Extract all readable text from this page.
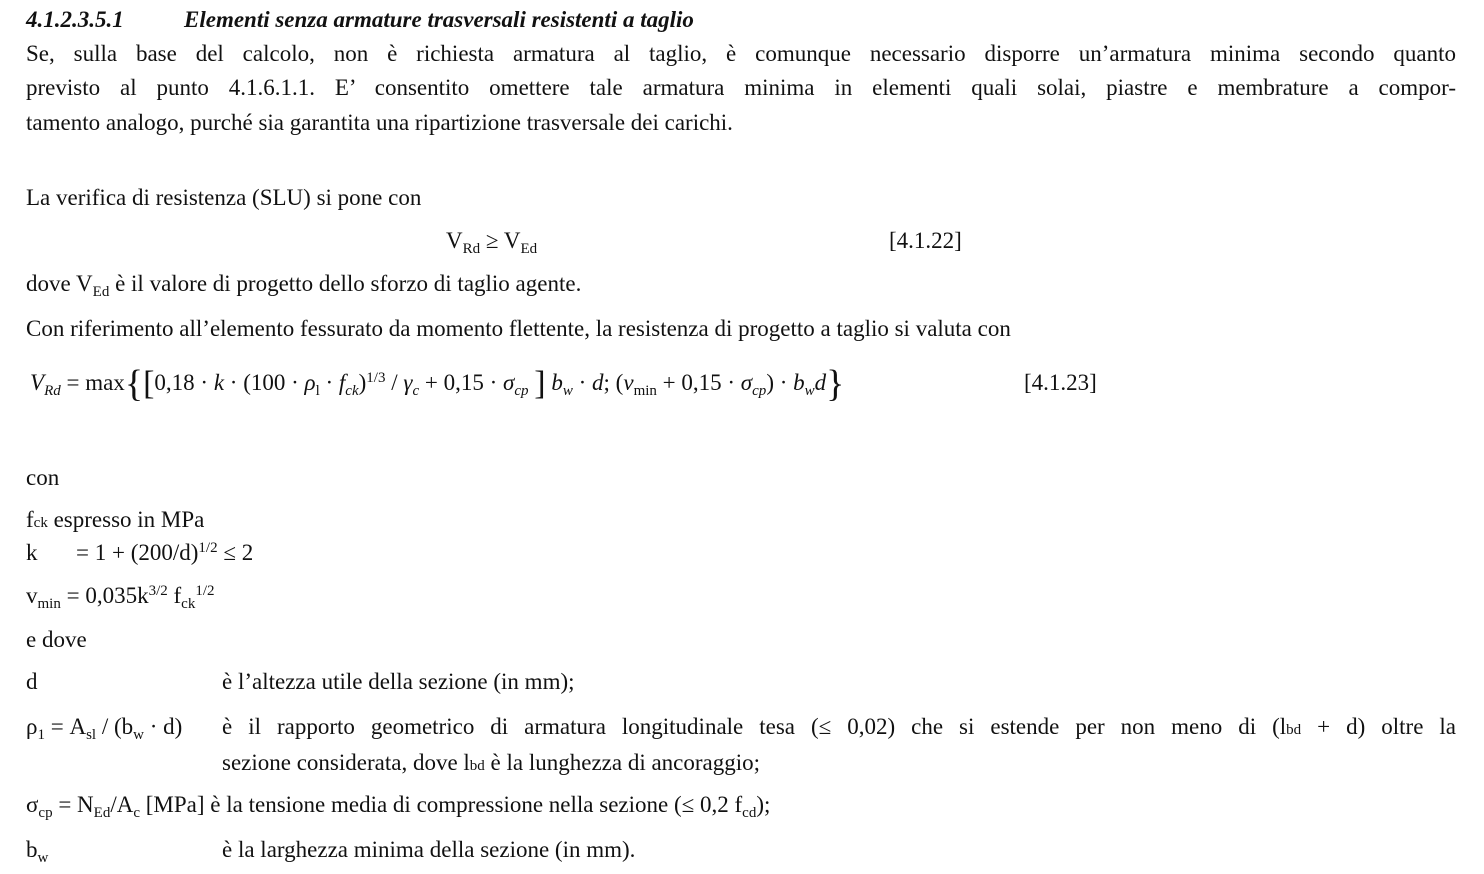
4.1.2.3.5.1	Elementi senza armature trasversali resistenti a taglio
Se, sulla base del calcolo, non è richiesta armatura al taglio, è comunque necessario disporre un’armatura minima secondo quanto
previsto al punto 4.1.6.1.1. E’ consentito omettere tale armatura minima in elementi quali solai, piastre e membrature a compor-
tamento analogo, purché sia garantita una ripartizione trasversale dei carichi.
La verifica di resistenza (SLU) si pone con
$V_{Rd} \ge V_{Ed}$	[4.1.22]
dove $V_{Ed}$ è il valore di progetto dello sforzo di taglio agente.
Con riferimento all’elemento fessurato da momento flettente, la resistenza di progetto a taglio si valuta con
$V_{Rd} = \max\{[0,18 \cdot k \cdot (100 \cdot \rho_l \cdot f_{ck})^{1/3} / \gamma_c + 0,15 \cdot \sigma_{cp}$ ] $b_w \cdot d$; $(v_{min} + 0,15 \cdot \sigma_{cp}) \cdot b_wd$}	[4.1.23]
con
fck espresso in MPa
$k = 1 + (200/d)^{1/2} \le 2$
$v_{min} = 0,035k^{3/2}$ $f_{ck}^{1/2}$
e dove
d	è l’altezza utile della sezione (in mm);
$\rho_1 = A_{sl} / (b_w \cdot d)$ è il rapporto geometrico di armatura longitudinale tesa (≤ 0,02) che si estende per non meno di (lbd + d) oltre la
sezione considerata, dove lbd è la lunghezza di ancoraggio;
$\sigma_{cp} = N_{Ed}/A_c$ [MPa] è la tensione media di compressione nella sezione (≤ 0,2 $f_{cd}$);
$b_w$	è la larghezza minima della sezione (in mm).
